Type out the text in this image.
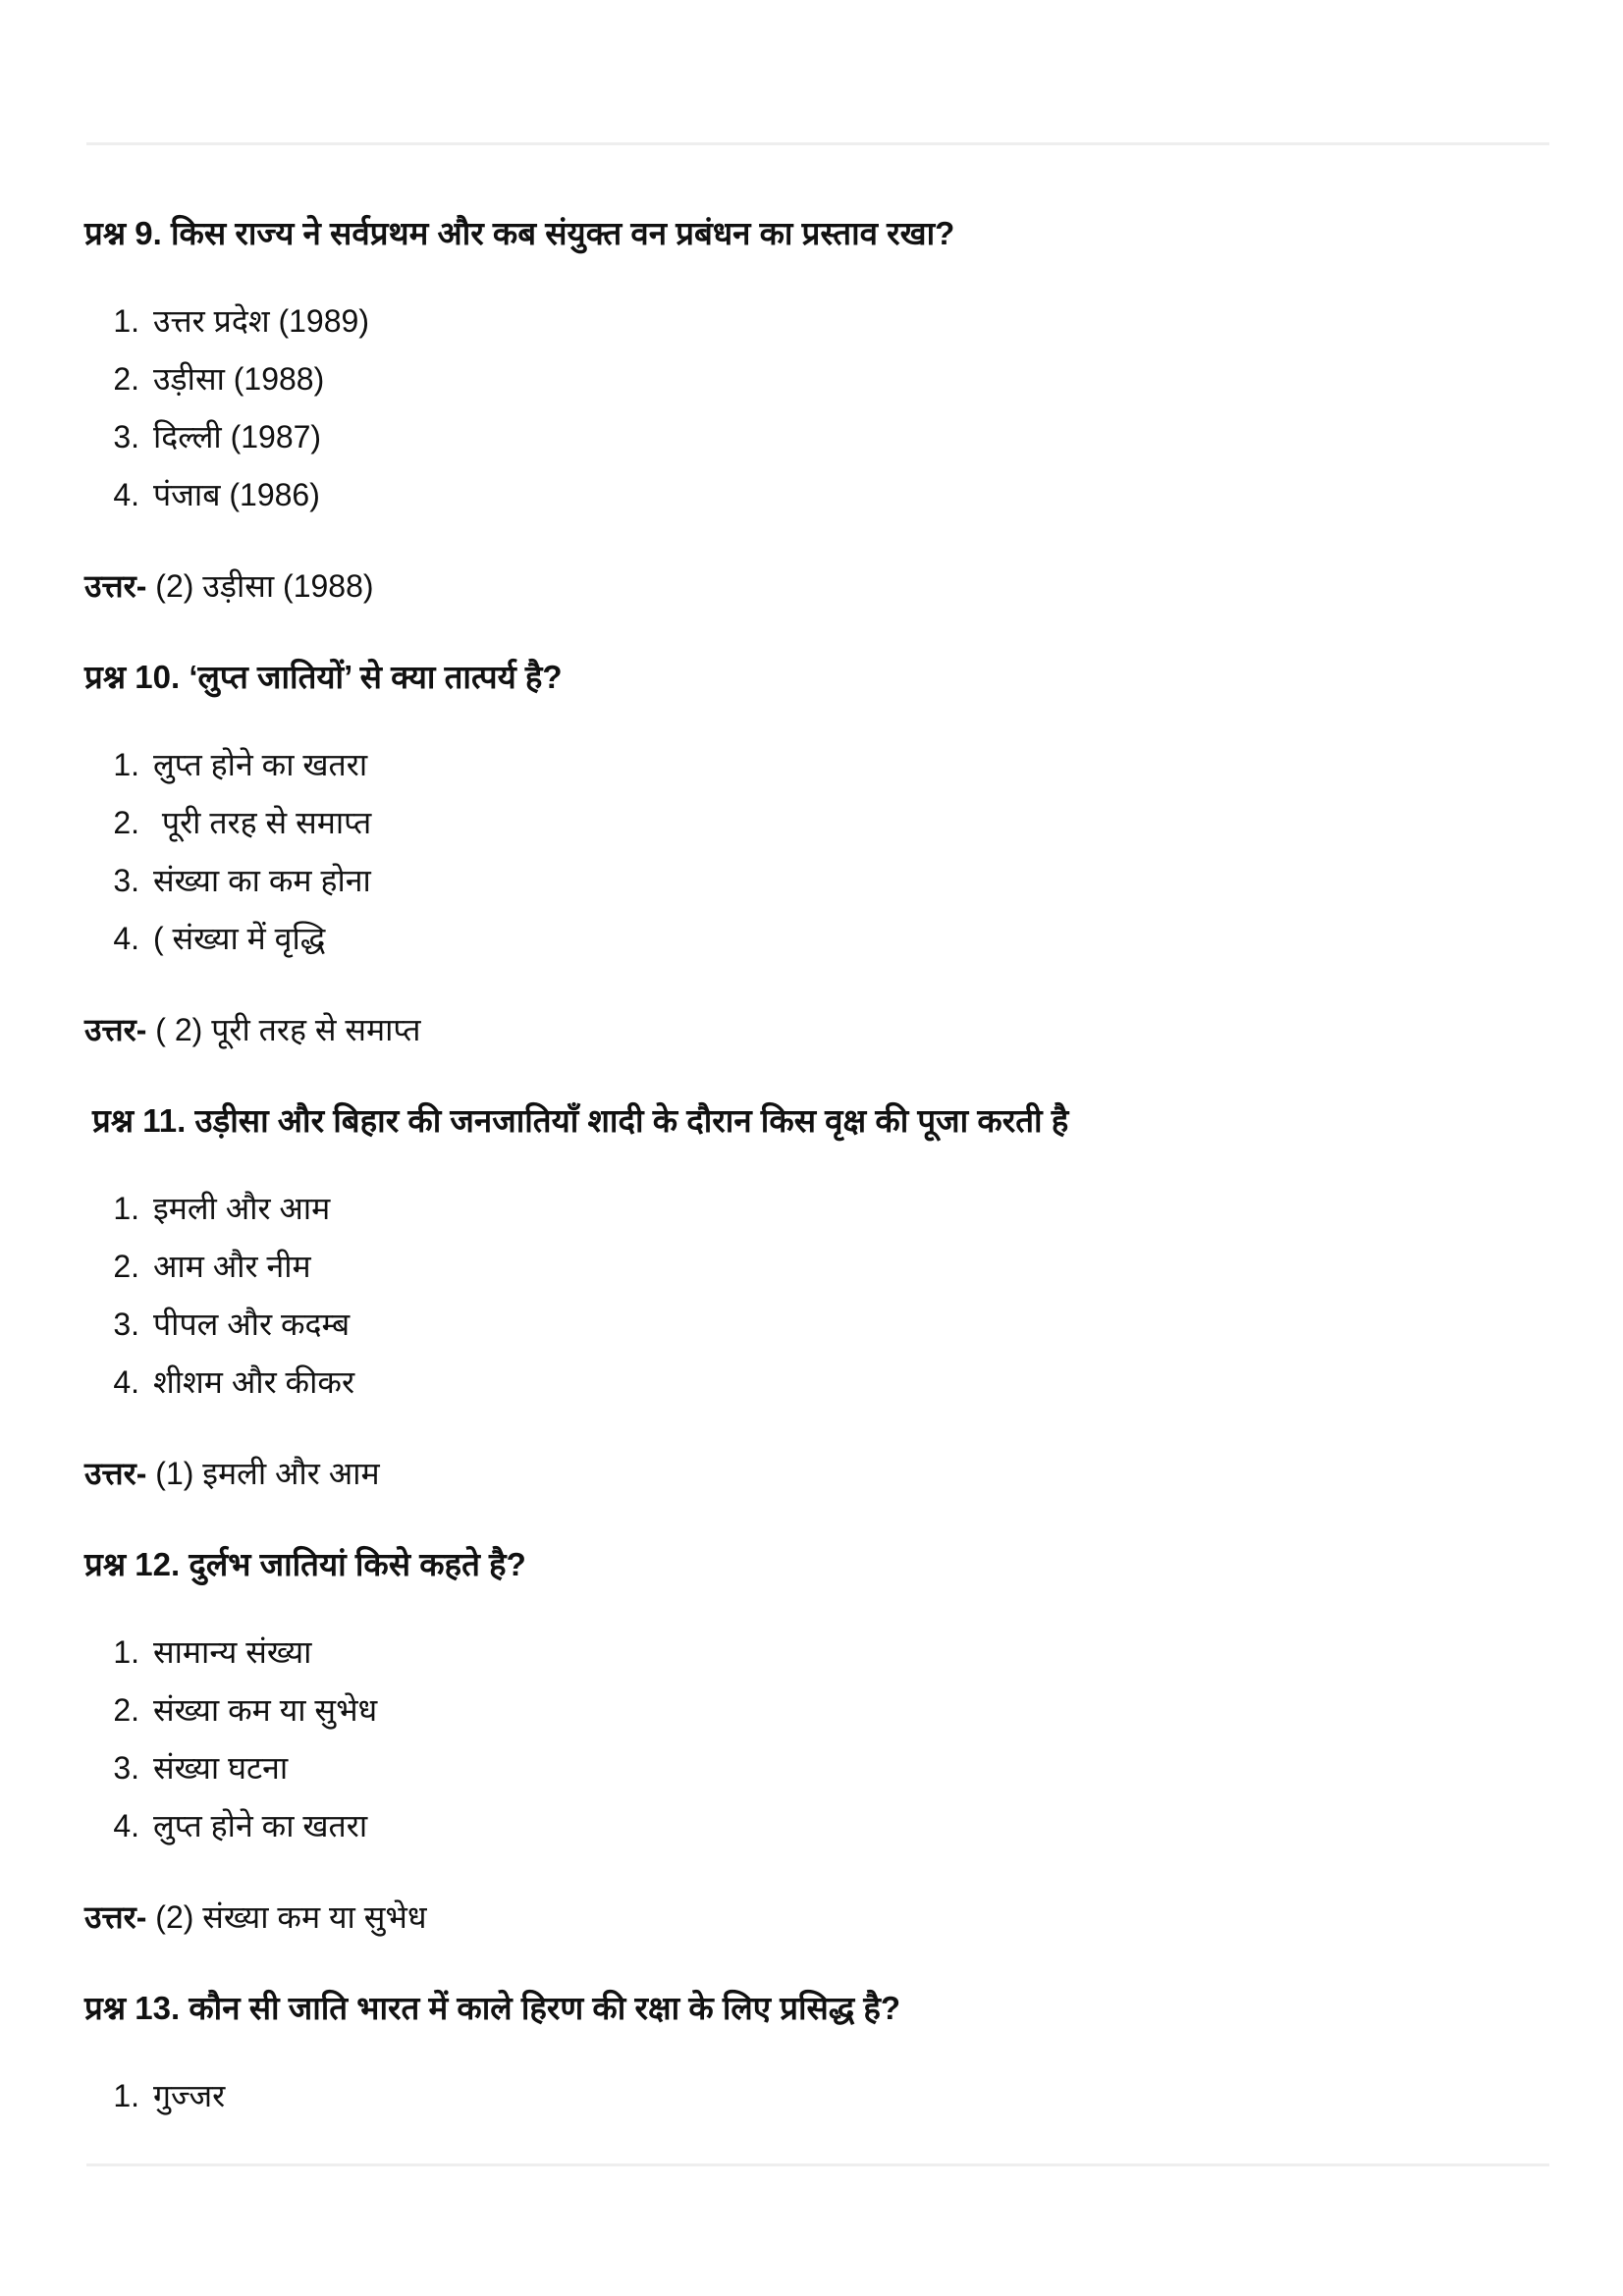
प्रश्न 9. किस राज्य ने सर्वप्रथम और कब संयुक्त वन प्रबंधन का प्रस्ताव रखा?
1. उत्तर प्रदेश (1989)
2. उड़ीसा (1988)
3. दिल्ली (1987)
4. पंजाब (1986)
उत्तर- (2) उड़ीसा (1988)
प्रश्न 10. ‘लुप्त जातियों’ से क्या तात्पर्य है?
1. लुप्त होने का खतरा
2. पूरी तरह से समाप्त
3. संख्या का कम होना
4. ( संख्या में वृद्धि
उत्तर- ( 2) पूरी तरह से समाप्त
प्रश्न 11. उड़ीसा और बिहार की जनजातियाँ शादी के दौरान किस वृक्ष की पूजा करती है
1. इमली और आम
2. आम और नीम
3. पीपल और कदम्ब
4. शीशम और कीकर
उत्तर- (1) इमली और आम
प्रश्न 12. दुर्लभ जातियां किसे कहते है?
1. सामान्य संख्या
2. संख्या कम या सुभेध
3. संख्या घटना
4. लुप्त होने का खतरा
उत्तर- (2) संख्या कम या सुभेध
प्रश्न 13. कौन सी जाति भारत में काले हिरण की रक्षा के लिए प्रसिद्ध है?
1. गुज्जर
